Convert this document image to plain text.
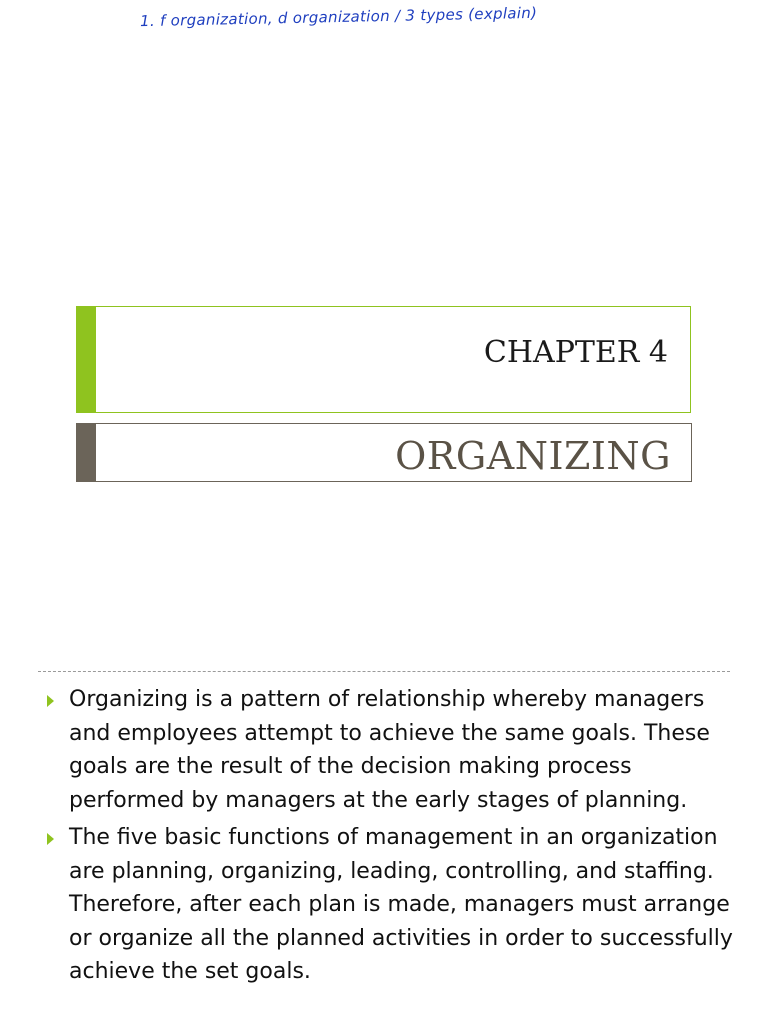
1. f organization, d organization / 3 types (explain)
CHAPTER 4
ORGANIZING
Organizing is a pattern of relationship whereby managers and employees attempt to achieve the same goals. These goals are the result of the decision making process performed by managers at the early stages of planning.
The five basic functions of management in an organization are planning, organizing, leading, controlling, and staffing. Therefore, after each plan is made, managers must arrange or organize all the planned activities in order to successfully achieve the set goals.
